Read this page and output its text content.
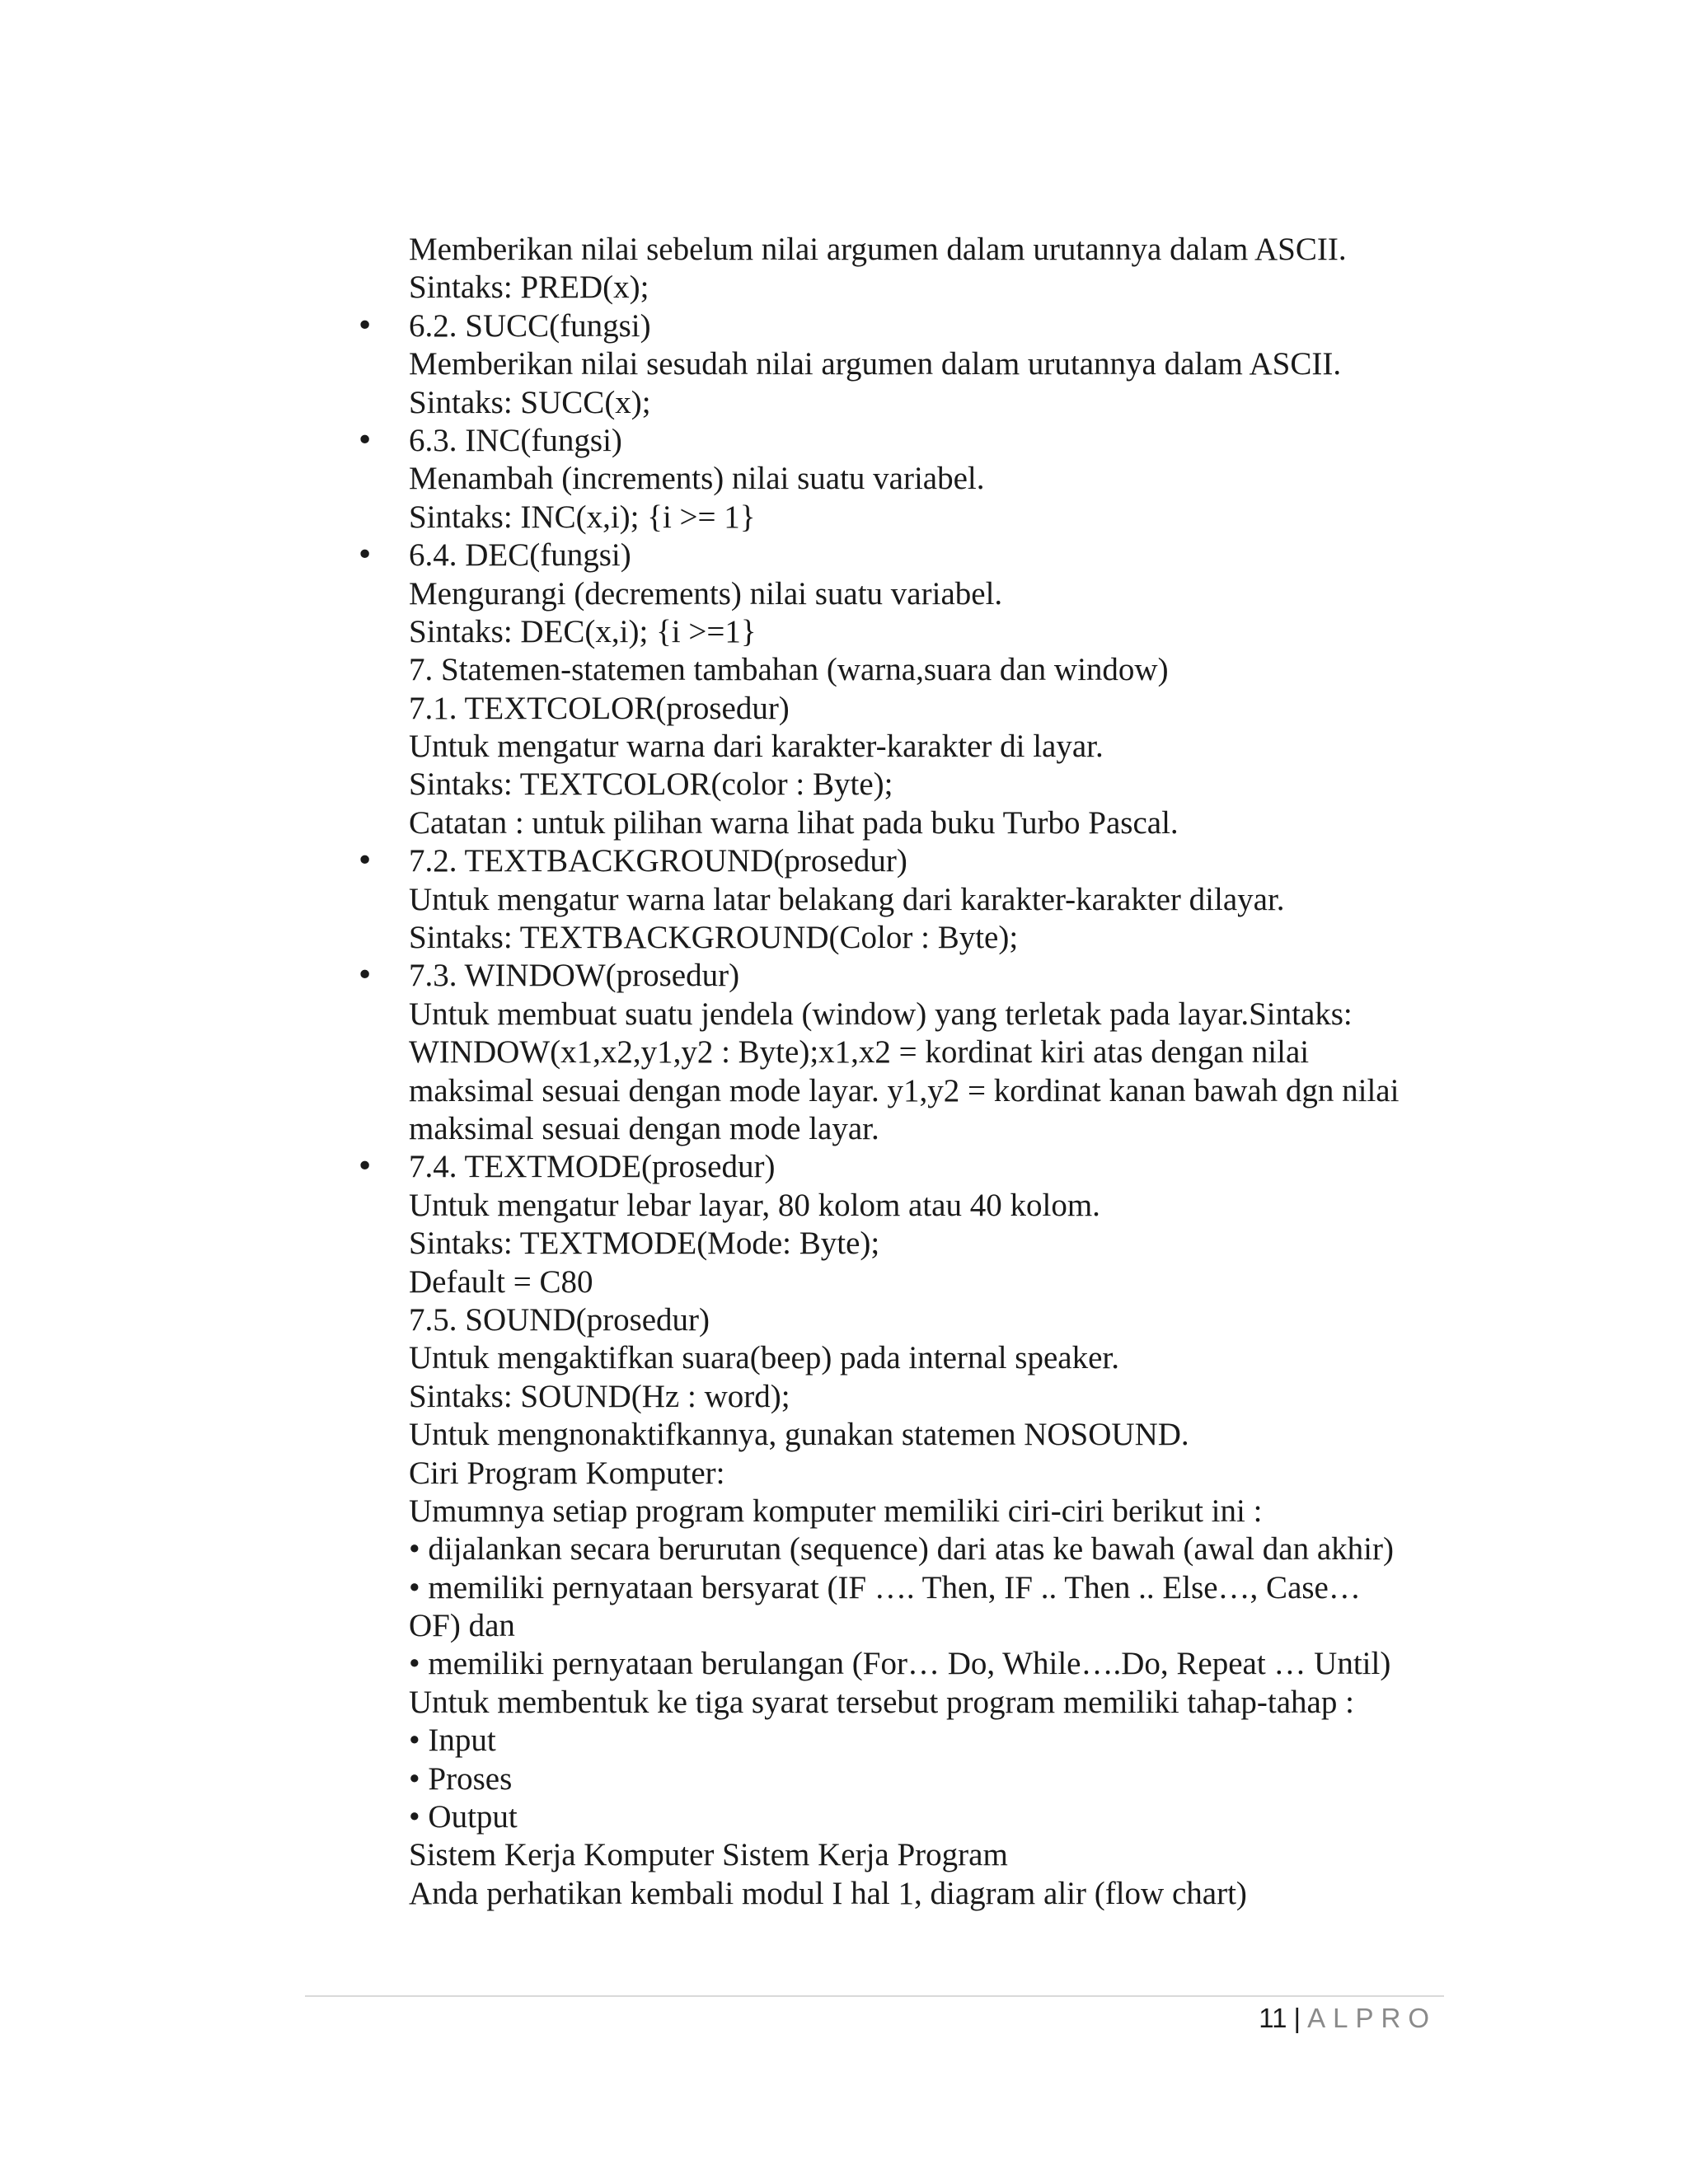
Memberikan nilai sebelum nilai argumen dalam urutannya dalam ASCII.
Sintaks: PRED(x);
• 6.2. SUCC(fungsi)
Memberikan nilai sesudah nilai argumen dalam urutannya dalam ASCII.
Sintaks: SUCC(x);
• 6.3. INC(fungsi)
Menambah (increments) nilai suatu variabel.
Sintaks: INC(x,i); {i >= 1}
• 6.4. DEC(fungsi)
Mengurangi (decrements) nilai suatu variabel.
Sintaks: DEC(x,i); {i >=1}
7. Statemen-statemen tambahan (warna,suara dan window)
7.1. TEXTCOLOR(prosedur)
Untuk mengatur warna dari karakter-karakter di layar.
Sintaks: TEXTCOLOR(color : Byte);
Catatan : untuk pilihan warna lihat pada buku Turbo Pascal.
• 7.2. TEXTBACKGROUND(prosedur)
Untuk mengatur warna latar belakang dari karakter-karakter dilayar.
Sintaks: TEXTBACKGROUND(Color : Byte);
• 7.3. WINDOW(prosedur)
Untuk membuat suatu jendela (window) yang terletak pada layar.Sintaks:
WINDOW(x1,x2,y1,y2 : Byte);x1,x2 = kordinat kiri atas dengan nilai
maksimal sesuai dengan mode layar. y1,y2 = kordinat kanan bawah dgn nilai
maksimal sesuai dengan mode layar.
• 7.4. TEXTMODE(prosedur)
Untuk mengatur lebar layar, 80 kolom atau 40 kolom.
Sintaks: TEXTMODE(Mode: Byte);
Default = C80
7.5. SOUND(prosedur)
Untuk mengaktifkan suara(beep) pada internal speaker.
Sintaks: SOUND(Hz : word);
Untuk mengnonaktifkannya, gunakan statemen NOSOUND.
Ciri Program Komputer:
Umumnya setiap program komputer memiliki ciri-ciri berikut ini :
• dijalankan secara berurutan (sequence) dari atas ke bawah (awal dan akhir)
• memiliki pernyataan bersyarat (IF …. Then, IF .. Then .. Else…, Case…
OF) dan
• memiliki pernyataan berulangan (For… Do, While….Do, Repeat … Until)
Untuk membentuk ke tiga syarat tersebut program memiliki tahap-tahap :
• Input
• Proses
• Output
Sistem Kerja Komputer Sistem Kerja Program
Anda perhatikan kembali modul I hal 1, diagram alir (flow chart)
11 | ALPRO
